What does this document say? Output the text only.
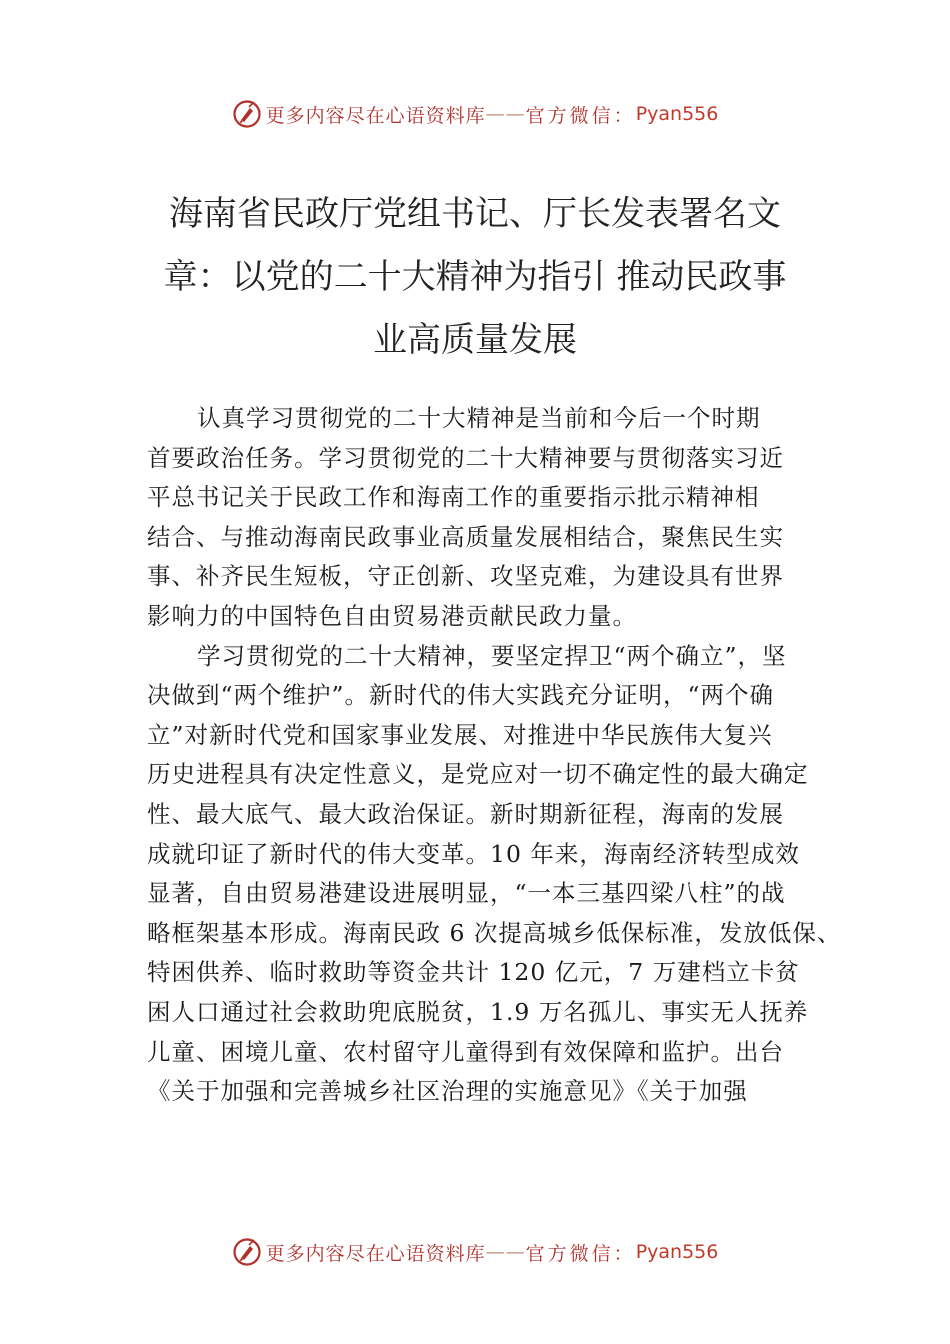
更多内容尽在心语资料库 —— 官方微信： Pyan556
海南省民政厅党组书记、厅长发表署名文
章：以党的二十大精神为指引 推动民政事
业高质量发展
认真学习贯彻党的二十大精神是当前和今后一个时期
首要政治任务。学习贯彻党的二十大精神要与贯彻落实习近
平总书记关于民政工作和海南工作的重要指示批示精神相
结合、与推动海南民政事业高质量发展相结合，聚焦民生实
事、补齐民生短板，守正创新、攻坚克难，为建设具有世界
影响力的中国特色自由贸易港贡献民政力量。
学习贯彻党的二十大精神，要坚定捍卫“两个确立”，坚
决做到“两个维护”。新时代的伟大实践充分证明，“两个确
立”对新时代党和国家事业发展、对推进中华民族伟大复兴
历史进程具有决定性意义，是党应对一切不确定性的最大确定
性、最大底气、最大政治保证。新时期新征程，海南的发展
成就印证了新时代的伟大变革。10 年来，海南经济转型成效
显著，自由贸易港建设进展明显，“一本三基四梁八柱”的战
略框架基本形成。海南民政 6 次提高城乡低保标准，发放低保、
特困供养、临时救助等资金共计 120 亿元，7 万建档立卡贫
困人口通过社会救助兜底脱贫，1.9 万名孤儿、事实无人抚养
儿童、困境儿童、农村留守儿童得到有效保障和监护。出台
《关于加强和完善城乡社区治理的实施意见》《关于加强
更多内容尽在心语资料库 —— 官方微信： Pyan556
